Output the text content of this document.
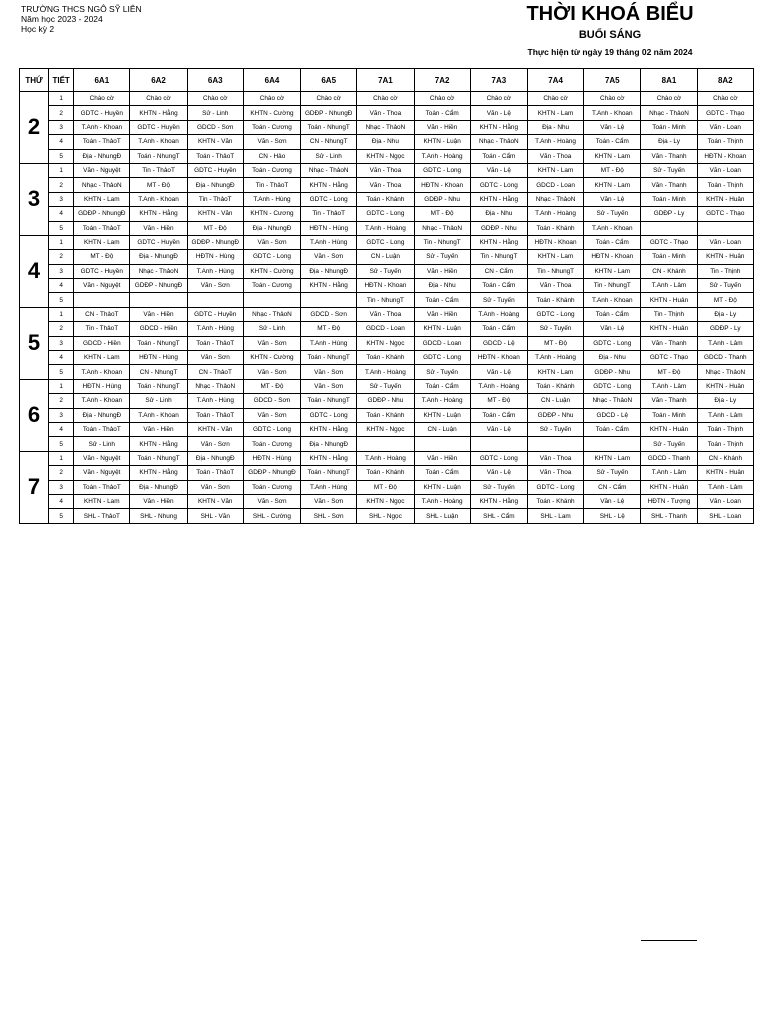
TRƯỜNG THCS NGÔ SỸ LIÊN
Năm học 2023 - 2024
Học kỳ 2
THỜI KHOÁ BIỂU
BUỔI SÁNG
Thực hiện từ ngày 19 tháng 02 năm 2024
THỨ	TIẾT	6A1	6A2	6A3	6A4	6A5	7A1	7A2	7A3	7A4	7A5	8A1	8A2
2	1	Chào cờ	Chào cờ	Chào cờ	Chào cờ	Chào cờ	Chào cờ	Chào cờ	Chào cờ	Chào cờ	Chào cờ	Chào cờ	Chào cờ
	2	GDTC - Huyền	KHTN - Hằng	Sử - Linh	KHTN - Cường	GDĐP - NhungĐ	Văn - Thoa	Toán - Cẩm	Văn - Lệ	KHTN - Lam	T.Anh - Khoan	Nhạc - ThảoN	GDTC - Thạo
	3	T.Anh - Khoan	GDTC - Huyền	GDCD - Sơn	Toán - Cương	Toán - NhungT	Nhạc - ThảoN	Văn - Hiền	KHTN - Hằng	Địa - Nhu	Văn - Lệ	Toán - Minh	Văn - Loan
	4	Toán - ThảoT	T.Anh - Khoan	KHTN - Văn	Văn - Sơn	CN - NhungT	Địa - Nhu	KHTN - Luận	Nhạc - ThảoN	T.Anh - Hoàng	Toán - Cẩm	Địa - Ly	Toán - Thịnh
	5	Địa - NhungĐ	Toán - NhungT	Toán - ThảoT	CN - Hảo	Sử - Linh	KHTN - Ngọc	T.Anh - Hoàng	Toán - Cẩm	Văn - Thoa	KHTN - Lam	Văn - Thanh	HĐTN - Khoan
3	1	Văn - Nguyệt	Tin - ThảoT	GDTC - Huyền	Toán - Cương	Nhạc - ThảoN	Văn - Thoa	GDTC - Long	Văn - Lệ	KHTN - Lam	MT - Độ	Sử - Tuyến	Văn - Loan
	2	Nhạc - ThảoN	MT - Độ	Địa - NhungĐ	Tin - ThảoT	KHTN - Hằng	Văn - Thoa	HĐTN - Khoan	GDTC - Long	GDCD - Loan	KHTN - Lam	Văn - Thanh	Toán - Thịnh
	3	KHTN - Lam	T.Anh - Khoan	Tin - ThảoT	T.Anh - Hùng	GDTC - Long	Toán - Khánh	GDĐP - Nhu	KHTN - Hằng	Nhạc - ThảoN	Văn - Lệ	Toán - Minh	KHTN - Huân
	4	GDĐP - NhungĐ	KHTN - Hằng	KHTN - Văn	KHTN - Cương	Tin - ThảoT	GDTC - Long	MT - Độ	Địa - Nhu	T.Anh - Hoàng	Sử - Tuyến	GDĐP - Ly	GDTC - Thạo
	5	Toán - ThảoT	Văn - Hiền	MT - Độ	Địa - NhungĐ	HĐTN - Hùng	T.Anh - Hoàng	Nhạc - ThảoN	GDĐP - Nhu	Toán - Khánh	T.Anh - Khoan		
4	1	KHTN - Lam	GDTC - Huyền	GDĐP - NhungĐ	Văn - Sơn	T.Anh - Hùng	GDTC - Long	Tin - NhungT	KHTN - Hằng	HĐTN - Khoan	Toán - Cẩm	GDTC - Thạo	Văn - Loan
	2	MT - Độ	Địa - NhungĐ	HĐTN - Hùng	GDTC - Long	Văn - Sơn	CN - Luận	Sử - Tuyến	Tin - NhungT	KHTN - Lam	HĐTN - Khoan	Toán - Minh	KHTN - Huân
	3	GDTC - Huyền	Nhạc - ThảoN	T.Anh - Hùng	KHTN - Cường	Địa - NhungĐ	Sử - Tuyến	Văn - Hiền	CN - Cẩm	Tin - NhungT	KHTN - Lam	CN - Khánh	Tin - Thịnh
	4	Văn - Nguyệt	GDĐP - NhungĐ	Văn - Sơn	Toán - Cương	KHTN - Hằng	HĐTN - Khoan	Địa - Nhu	Toán - Cẩm	Văn - Thoa	Tin - NhungT	T.Anh - Lâm	Sử - Tuyến
	5						Tin - NhungT	Toán - Cẩm	Sử - Tuyến	Toán - Khánh	T.Anh - Khoan	KHTN - Huân	MT - Độ
5	1	CN - ThảoT	Văn - Hiền	GDTC - Huyền	Nhạc - ThảoN	GDCD - Sơn	Văn - Thoa	Văn - Hiền	T.Anh - Hoàng	GDTC - Long	Toán - Cẩm	Tin - Thịnh	Địa - Ly
	2	Tin - ThảoT	GDCD - Hiền	T.Anh - Hùng	Sử - Linh	MT - Độ	GDCD - Loan	KHTN - Luận	Toán - Cẩm	Sử - Tuyến	Văn - Lệ	KHTN - Huân	GDĐP - Ly
	3	GDCD - Hiền	Toán - NhungT	Toán - ThảoT	Văn - Sơn	T.Anh - Hùng	KHTN - Ngọc	GDCD - Loan	GDCD - Lệ	MT - Độ	GDTC - Long	Văn - Thanh	T.Anh - Lâm
	4	KHTN - Lam	HĐTN - Hùng	Văn - Sơn	KHTN - Cường	Toán - NhungT	Toán - Khánh	GDTC - Long	HĐTN - Khoan	T.Anh - Hoàng	Địa - Nhu	GDTC - Thạo	GDCD - Thanh
	5	T.Anh - Khoan	CN - NhungT	CN - ThảoT	Văn - Sơn	Văn - Sơn	T.Anh - Hoàng	Sử - Tuyến	Văn - Lệ	KHTN - Lam	GDĐP - Nhu	MT - Độ	Nhạc - ThảoN
6	1	HĐTN - Hùng	Toán - NhungT	Nhạc - ThảoN	MT - Độ	Văn - Sơn	Sử - Tuyến	Toán - Cẩm	T.Anh - Hoàng	Toán - Khánh	GDTC - Long	T.Anh - Lâm	KHTN - Huân
	2	T.Anh - Khoan	Sử - Linh	T.Anh - Hùng	GDCD - Sơn	Toán - NhungT	GDĐP - Nhu	T.Anh - Hoàng	MT - Độ	CN - Luận	Nhạc - ThảoN	Văn - Thanh	Địa - Ly
	3	Địa - NhungĐ	T.Anh - Khoan	Toán - ThảoT	Văn - Sơn	GDTC - Long	Toán - Khánh	KHTN - Luận	Toán - Cẩm	GDĐP - Nhu	GDCD - Lệ	Toán - Minh	T.Anh - Lâm
	4	Toán - ThảoT	Văn - Hiền	KHTN - Văn	GDTC - Long	KHTN - Hằng	KHTN - Ngọc	CN - Luận	Văn - Lệ	Sử - Tuyến	Toán - Cẩm	KHTN - Huân	Toán - Thịnh
	5	Sử - Linh	KHTN - Hằng	Văn - Sơn	Toán - Cương	Địa - NhungĐ						Sử - Tuyến	Toán - Thịnh
7	1	Văn - Nguyệt	Toán - NhungT	Địa - NhungĐ	HĐTN - Hùng	KHTN - Hằng	T.Anh - Hoàng	Văn - Hiền	GDTC - Long	Văn - Thoa	KHTN - Lam	GDCD - Thanh	CN - Khánh
	2	Văn - Nguyệt	KHTN - Hằng	Toán - ThảoT	GDĐP - NhungĐ	Toán - NhungT	Toán - Khánh	Toán - Cẩm	Văn - Lệ	Văn - Thoa	Sử - Tuyến	T.Anh - Lâm	KHTN - Huân
	3	Toán - ThảoT	Địa - NhungĐ	Văn - Sơn	Toán - Cương	T.Anh - Hùng	MT - Độ	KHTN - Luận	Sử - Tuyến	GDTC - Long	CN - Cẩm	KHTN - Huân	T.Anh - Lâm
	4	KHTN - Lam	Văn - Hiền	KHTN - Văn	Văn - Sơn	Văn - Sơn	KHTN - Ngọc	T.Anh - Hoàng	KHTN - Hằng	Toán - Khánh	Văn - Lệ	HĐTN - Tượng	Văn - Loan
	5	SHL - ThảoT	SHL - Nhung	SHL - Văn	SHL - Cường	SHL - Sơn	SHL - Ngọc	SHL - Luận	SHL - Cẩm	SHL - Lam	SHL - Lệ	SHL - Thanh	SHL - Loan
